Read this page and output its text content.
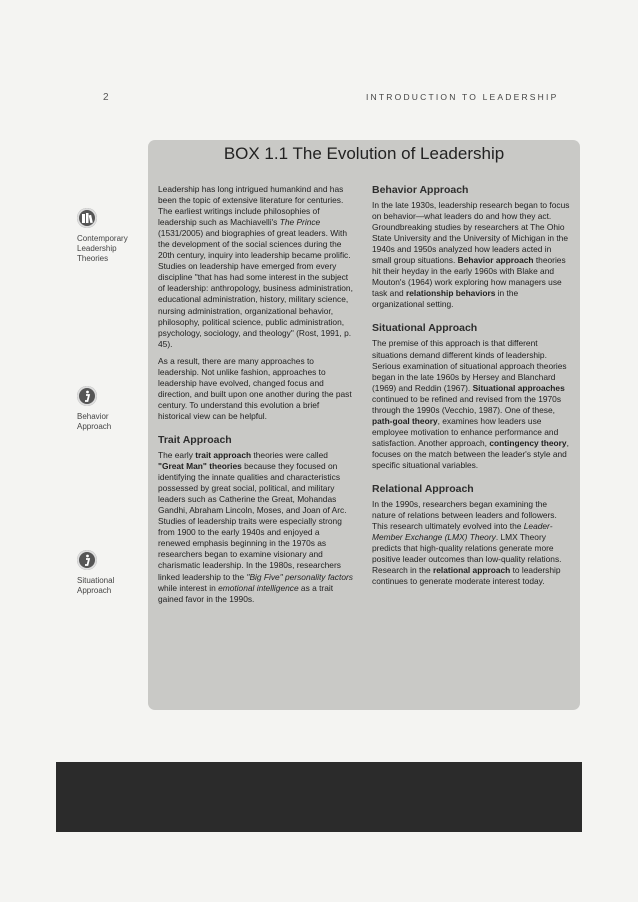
2	INTRODUCTION TO LEADERSHIP
Contemporary Leadership Theories
Behavior Approach
Situational Approach
BOX 1.1 The Evolution of Leadership

Leadership has long intrigued humankind and has been the topic of extensive literature for centuries. The earliest writings include philosophies of leadership such as Machiavelli's The Prince (1531/2005) and biographies of great leaders. With the development of the social sciences during the 20th century, inquiry into leadership became prolific. Studies on leadership have emerged from every discipline "that has had some interest in the subject of leadership: anthropology, business administration, educational administration, history, military science, nursing administration, organizational behavior, philosophy, political science, public administration, psychology, sociology, and theology" (Rost, 1991, p. 45).

As a result, there are many approaches to leadership. Not unlike fashion, approaches to leadership have evolved, changed focus and direction, and built upon one another during the past century. To understand this evolution a brief historical view can be helpful.

Trait Approach

The early trait approach theories were called "Great Man" theories because they focused on identifying the innate qualities and characteristics possessed by great social, political, and military leaders such as Catherine the Great, Mohandas Gandhi, Abraham Lincoln, Moses, and Joan of Arc. Studies of leadership traits were especially strong from 1900 to the early 1940s and enjoyed a renewed emphasis beginning in the 1970s as researchers began to examine visionary and charismatic leadership. In the 1980s, researchers linked leadership to the "Big Five" personality factors while interest in emotional intelligence as a trait gained favor in the 1990s.

Behavior Approach

In the late 1930s, leadership research began to focus on behavior—what leaders do and how they act. Groundbreaking studies by researchers at The Ohio State University and the University of Michigan in the 1940s and 1950s analyzed how leaders acted in small group situations. Behavior approach theories hit their heyday in the early 1960s with Blake and Mouton's (1964) work exploring how managers use task and relationship behaviors in the organizational setting.

Situational Approach

The premise of this approach is that different situations demand different kinds of leadership. Serious examination of situational approach theories began in the late 1960s by Hersey and Blanchard (1969) and Reddin (1967). Situational approaches continued to be refined and revised from the 1970s through the 1990s (Vecchio, 1987). One of these, path-goal theory, examines how leaders use employee motivation to enhance performance and satisfaction. Another approach, contingency theory, focuses on the match between the leader's style and specific situational variables.

Relational Approach

In the 1990s, researchers began examining the nature of relations between leaders and followers. This research ultimately evolved into the Leader-Member Exchange (LMX) Theory. LMX Theory predicts that high-quality relations generate more positive leader outcomes than low-quality relations. Research in the relational approach to leadership continues to generate moderate interest today.
